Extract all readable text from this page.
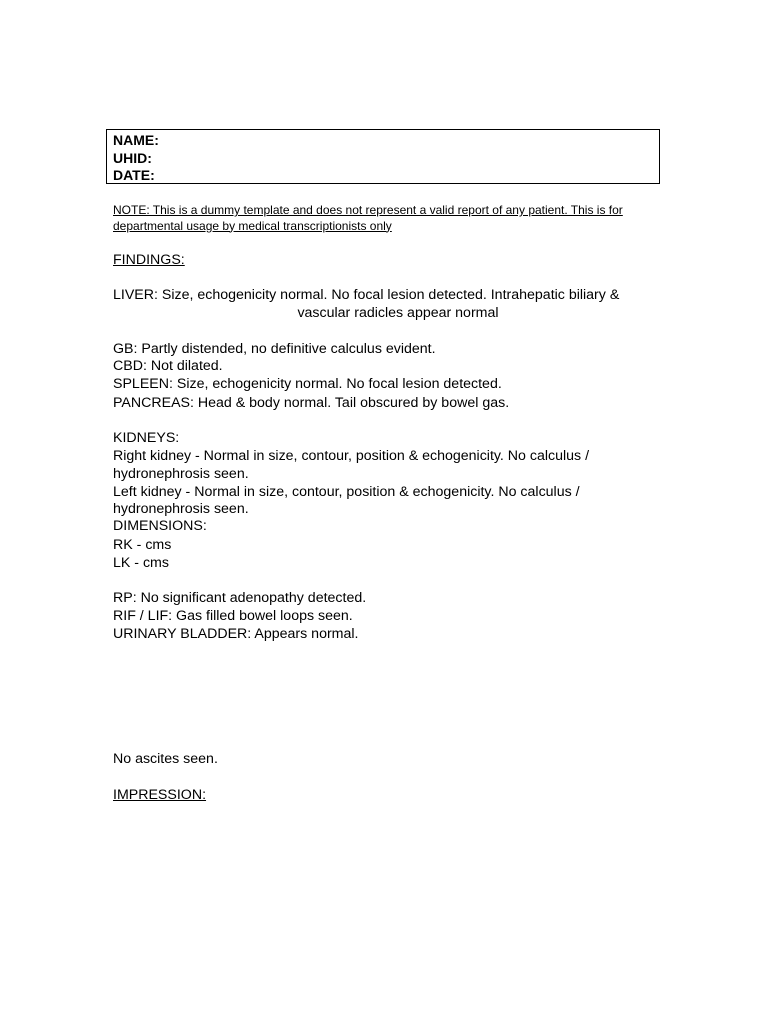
NAME:
UHID:
DATE:
NOTE: This is a dummy template and does not represent a valid report of any patient. This is for departmental usage by medical transcriptionists only
FINDINGS:
LIVER: Size, echogenicity normal. No focal lesion detected. Intrahepatic biliary &
vascular radicles appear normal
GB: Partly distended, no definitive calculus evident.
CBD: Not dilated.
SPLEEN: Size, echogenicity normal. No focal lesion detected.
PANCREAS: Head & body normal. Tail obscured by bowel gas.
KIDNEYS:
Right kidney - Normal in size, contour, position & echogenicity. No calculus /
hydronephrosis seen.
Left kidney - Normal in size, contour, position & echogenicity. No calculus /
hydronephrosis seen.
DIMENSIONS:
RK - cms
LK - cms
RP: No significant adenopathy detected.
RIF / LIF: Gas filled bowel loops seen.
URINARY BLADDER: Appears normal.
No ascites seen.
IMPRESSION:
